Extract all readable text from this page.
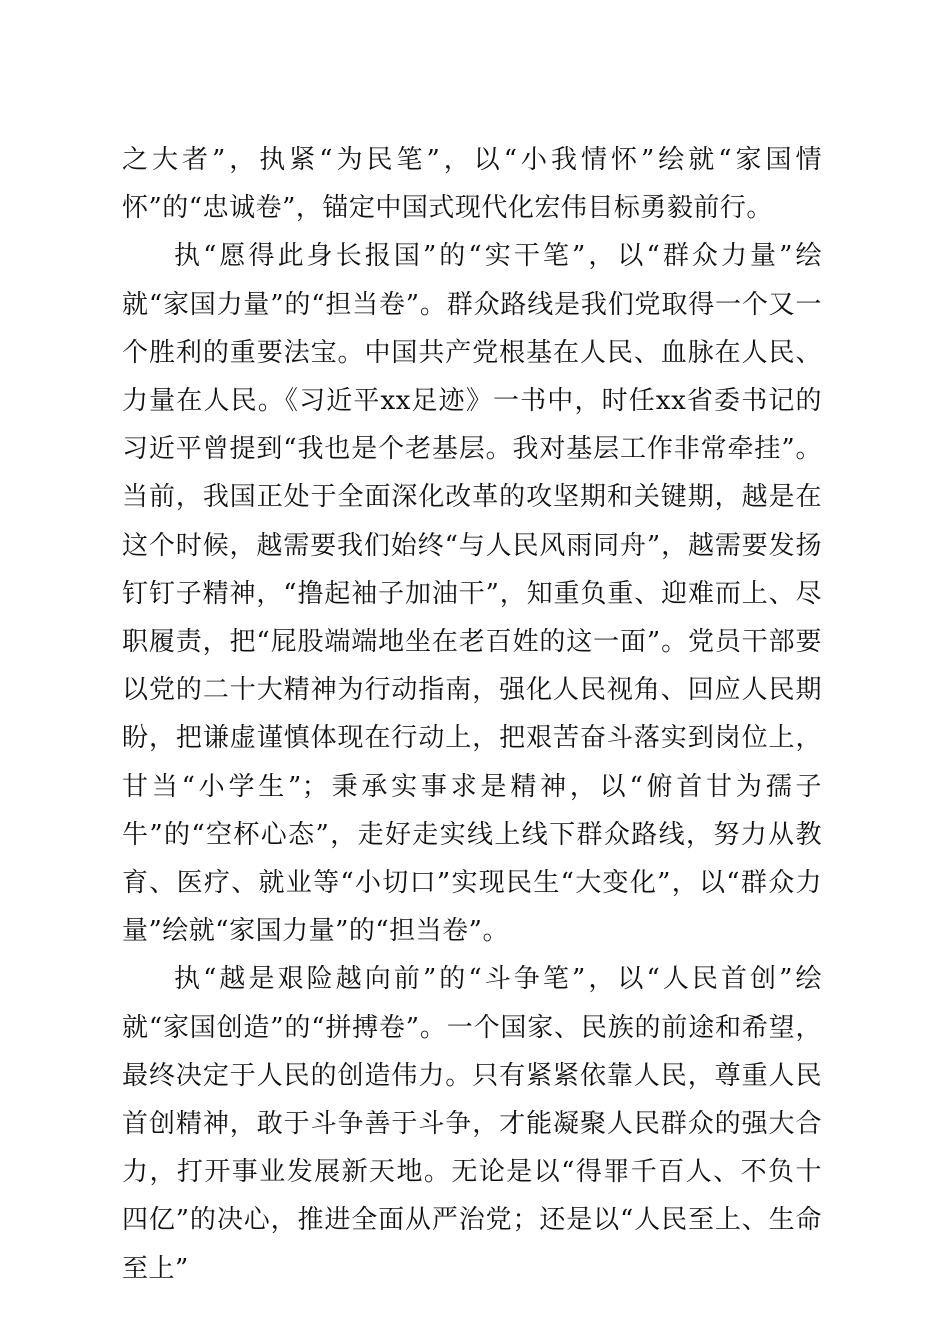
之大者”，执紧“为民笔”，以“小我情怀”绘就“家国情怀”的“忠诚卷”，锚定中国式现代化宏伟目标勇毅前行。

执“愿得此身长报国”的“实干笔”，以“群众力量”绘就“家国力量”的“担当卷”。群众路线是我们党取得一个又一个胜利的重要法宝。中国共产党根基在人民、血脉在人民、力量在人民。《习近平xx足迹》一书中，时任xx省委书记的习近平曾提到“我也是个老基层。我对基层工作非常牵挂”。当前，我国正处于全面深化改革的攻坚期和关键期，越是在这个时候，越需要我们始终“与人民风雨同舟”，越需要发扬钉钉子精神，“撸起袖子加油干”，知重负重、迎难而上、尽职履责，把“屁股端端地坐在老百姓的这一面”。党员干部要以党的二十大精神为行动指南，强化人民视角、回应人民期盼，把谦虚谨慎体现在行动上，把艰苦奋斗落实到岗位上，甘当“小学生”；秉承实事求是精神，以“俯首甘为孺子牛”的“空杯心态”，走好走实线上线下群众路线，努力从教育、医疗、就业等“小切口”实现民生“大变化”，以“群众力量”绘就“家国力量”的“担当卷”。

执“越是艰险越向前”的“斗争笔”，以“人民首创”绘就“家国创造”的“拼搏卷”。一个国家、民族的前途和希望，最终决定于人民的创造伟力。只有紧紧依靠人民，尊重人民首创精神，敢于斗争善于斗争，才能凝聚人民群众的强大合力，打开事业发展新天地。无论是以“得罪千百人、不负十四亿”的决心，推进全面从严治党；还是以“人民至上、生命至上”
